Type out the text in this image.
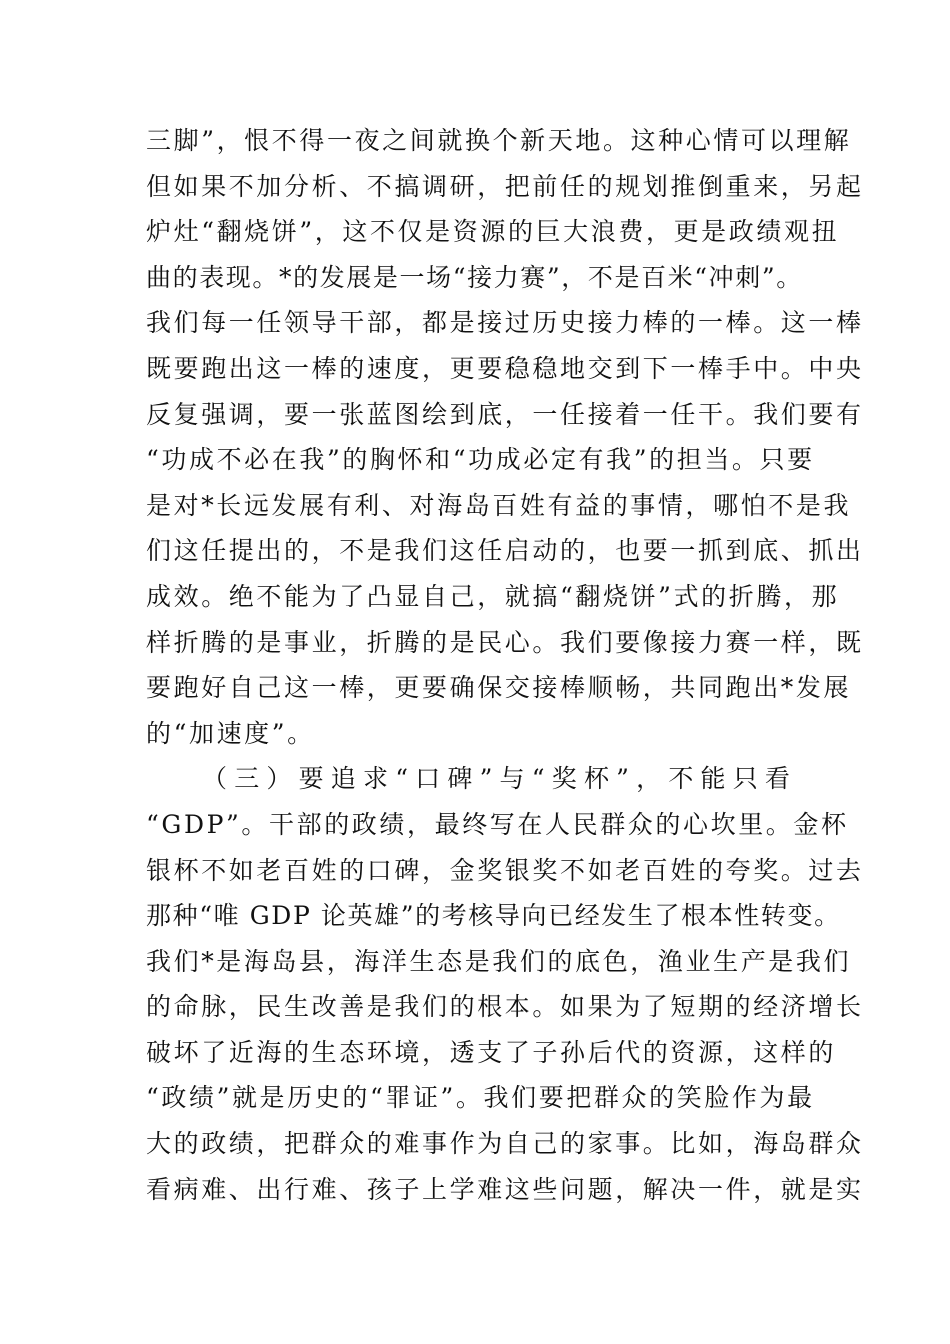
三脚”，恨不得一夜之间就换个新天地。这种心情可以理解
但如果不加分析、不搞调研，把前任的规划推倒重来，另起
炉灶“翻烧饼”，这不仅是资源的巨大浪费，更是政绩观扭
曲的表现。*的发展是一场“接力赛”，不是百米“冲刺”。
我们每一任领导干部，都是接过历史接力棒的一棒。这一棒
既要跑出这一棒的速度，更要稳稳地交到下一棒手中。中央
反复强调，要一张蓝图绘到底，一任接着一任干。我们要有
“功成不必在我”的胸怀和“功成必定有我”的担当。只要
是对*长远发展有利、对海岛百姓有益的事情，哪怕不是我
们这任提出的，不是我们这任启动的，也要一抓到底、抓出
成效。绝不能为了凸显自己，就搞“翻烧饼”式的折腾，那
样折腾的是事业，折腾的是民心。我们要像接力赛一样，既
要跑好自己这一棒，更要确保交接棒顺畅，共同跑出*发展
的“加速度”。
（三）要追求“口碑”与“奖杯”，不能只看
“GDP”。干部的政绩，最终写在人民群众的心坎里。金杯
银杯不如老百姓的口碑，金奖银奖不如老百姓的夸奖。过去
那种“唯 GDP 论英雄”的考核导向已经发生了根本性转变。
我们*是海岛县，海洋生态是我们的底色，渔业生产是我们
的命脉，民生改善是我们的根本。如果为了短期的经济增长
破坏了近海的生态环境，透支了子孙后代的资源，这样的
“政绩”就是历史的“罪证”。我们要把群众的笑脸作为最
大的政绩，把群众的难事作为自己的家事。比如，海岛群众
看病难、出行难、孩子上学难这些问题，解决一件，就是实
